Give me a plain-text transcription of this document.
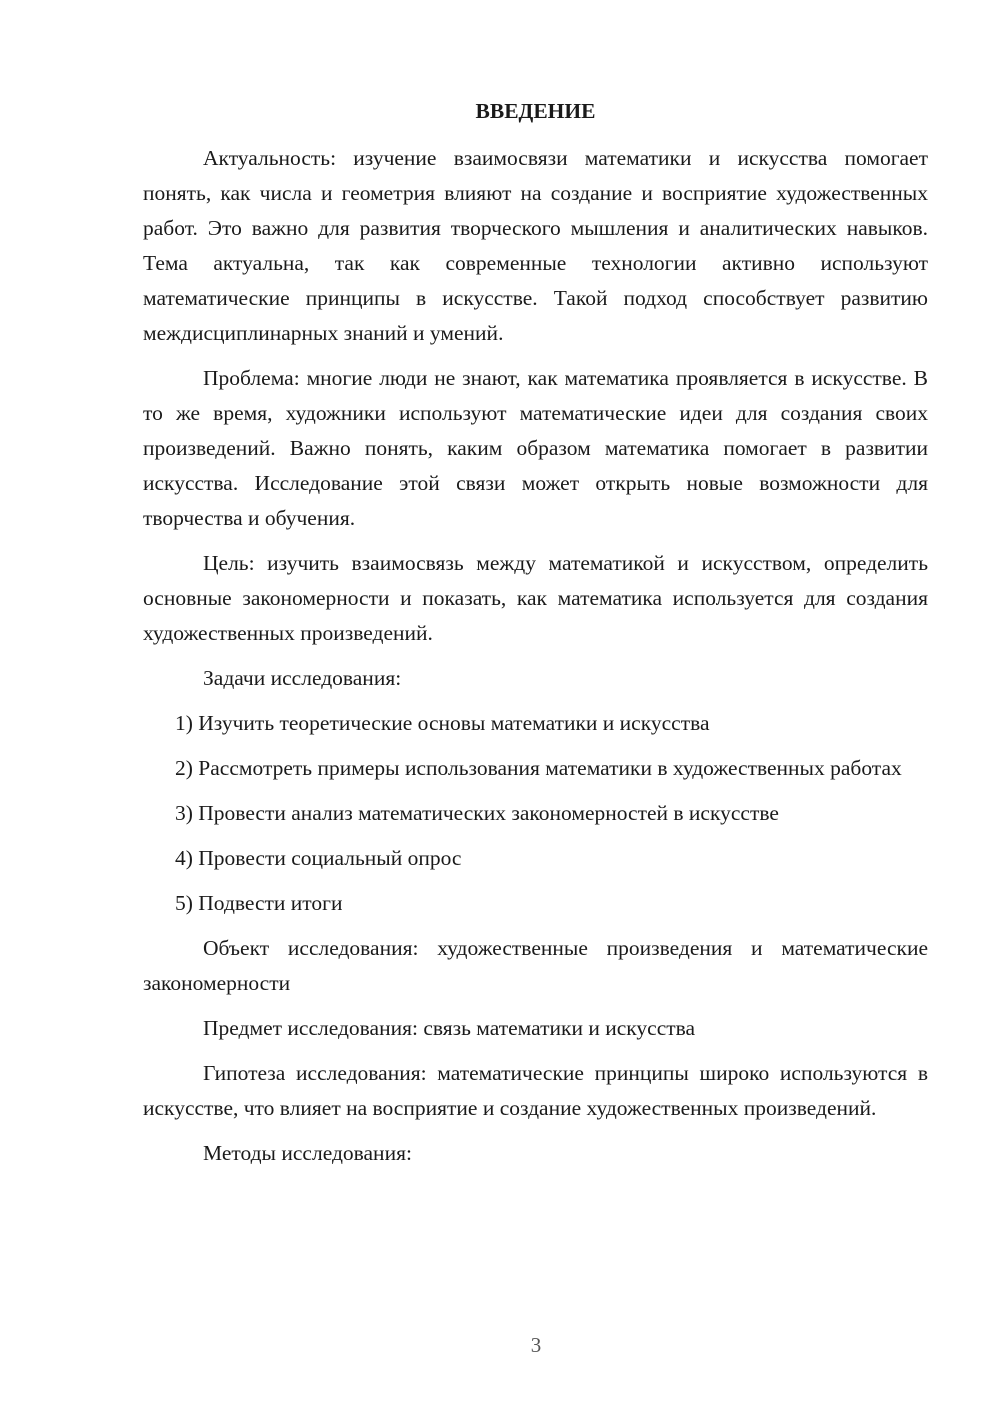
ВВЕДЕНИЕ

Актуальность: изучение взаимосвязи математики и искусства помогает понять, как числа и геометрия влияют на создание и восприятие художественных работ. Это важно для развития творческого мышления и аналитических навыков. Тема актуальна, так как современные технологии активно используют математические принципы в искусстве. Такой подход способствует развитию междисциплинарных знаний и умений.

Проблема: многие люди не знают, как математика проявляется в искусстве. В то же время, художники используют математические идеи для создания своих произведений. Важно понять, каким образом математика помогает в развитии искусства. Исследование этой связи может открыть новые возможности для творчества и обучения.

Цель: изучить взаимосвязь между математикой и искусством, определить основные закономерности и показать, как математика используется для создания художественных произведений.

Задачи исследования:

1) Изучить теоретические основы математики и искусства

2) Рассмотреть примеры использования математики в художественных работах

3) Провести анализ математических закономерностей в искусстве

4) Провести социальный опрос

5) Подвести итоги

Объект исследования: художественные произведения и математические закономерности

Предмет исследования: связь математики и искусства

Гипотеза исследования: математические принципы широко используются в искусстве, что влияет на восприятие и создание художественных произведений.

Методы исследования:

3
